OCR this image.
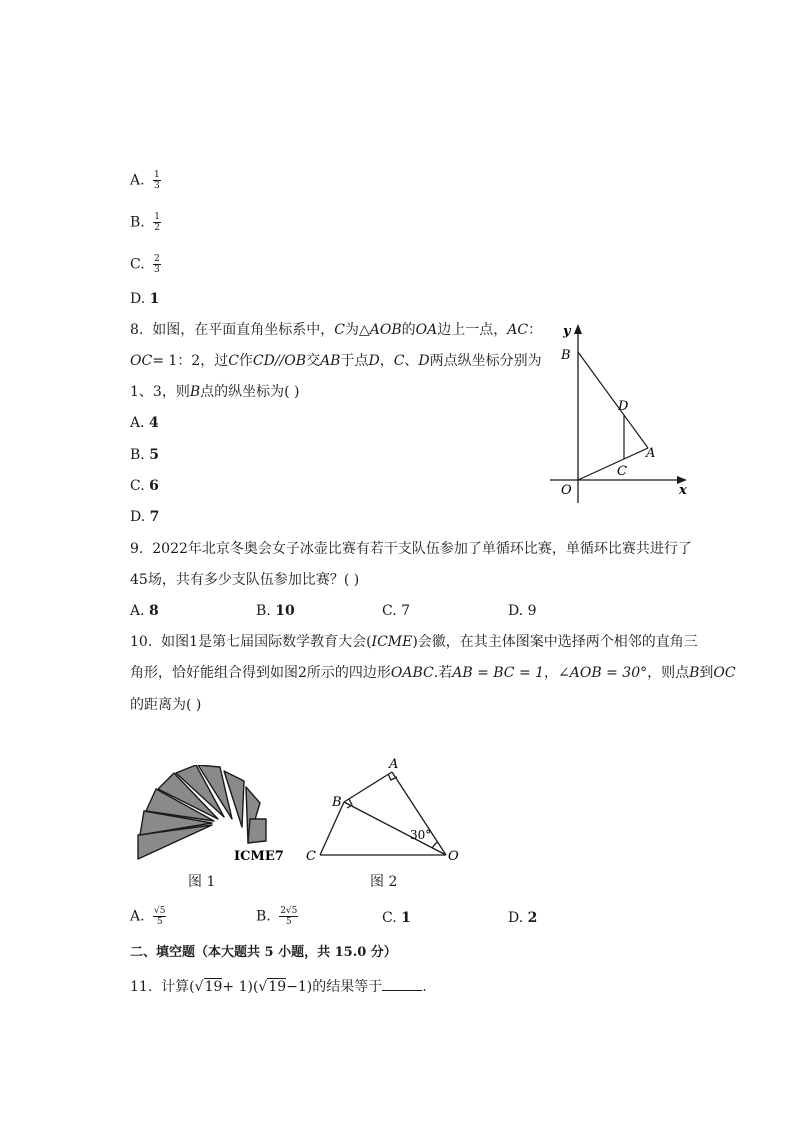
A. $\frac{1}{3}$
B. $\frac{1}{2}$
C. $\frac{2}{3}$
D. 1
8. 如图，在平面直角坐标系中，C为△AOB的OA边上一点，AC：
OC= 1：2，过C作CD//OB交AB于点D，C、D两点纵坐标分别为
1、3，则B点的纵坐标为( )
A. 4
B. 5
C. 6
D. 7
y
B
D
A
C
O	x
9. 2022年北京冬奥会女子冰壶比赛有若干支队伍参加了单循环比赛，单循环比赛共进行了
45场，共有多少支队伍参加比赛？( )
A. 8	B. 10	C. 7	D. 9
10. 如图1是第七届国际数学教育大会(ICME)会徽，在其主体图案中选择两个相邻的直角三
角形，恰好能组合得到如图2所示的四边形OABC.若AB = BC = 1，∠AOB = 30°，则点B到OC
的距离为( )
ICME7
图 1
A
B
C	O
30°
图 2
A. $\frac{√5}{5}$	B. $\frac{2√5}{5}$	C. 1	D. 2
二、填空题（本大题共 5 小题，共 15.0 分）
11. 计算(√19+ 1)(√19−1)的结果等于	.
